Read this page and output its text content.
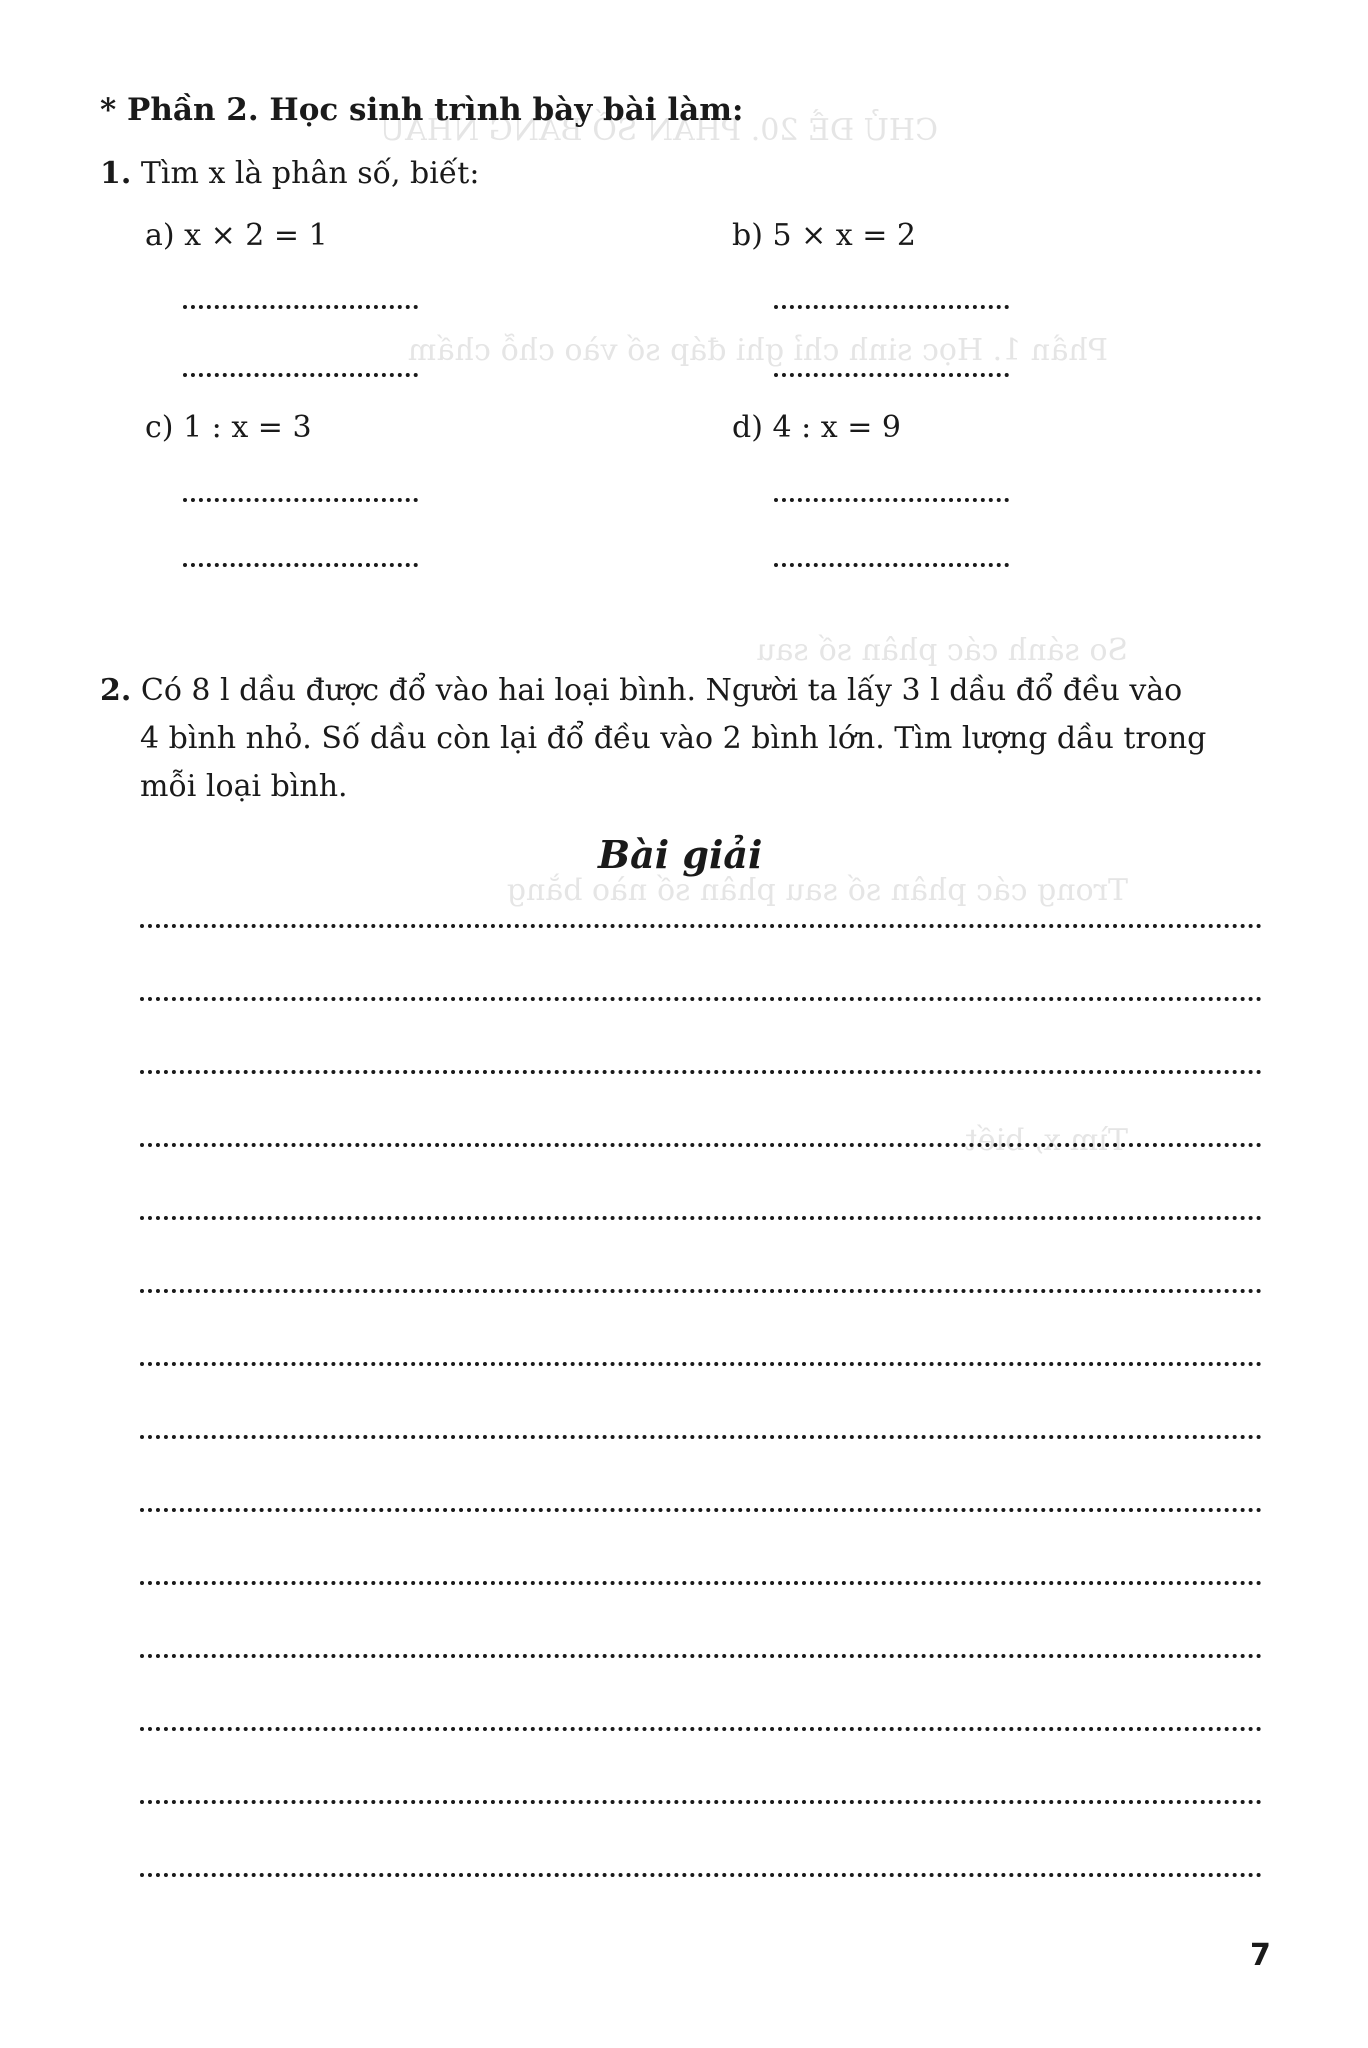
CHỦ ĐỀ 20. PHÂN SỐ BẰNG NHAU
Phần 1. Học sinh chỉ ghi đáp số vào chỗ chấm
So sánh các phân số sau
Trong các phân số sau phân số nào bằng
Tìm x, biết
* Phần 2. Học sinh trình bày bài làm:
1. Tìm x là phân số, biết:
a) x × 2 = 1	b) 5 × x = 2
c) 1 : x = 3	d) 4 : x = 9
2. Có 8 l dầu được đổ vào hai loại bình. Người ta lấy 3 l dầu đổ đều vào
4 bình nhỏ. Số dầu còn lại đổ đều vào 2 bình lớn. Tìm lượng dầu trong
mỗi loại bình.
Bài giải
7
